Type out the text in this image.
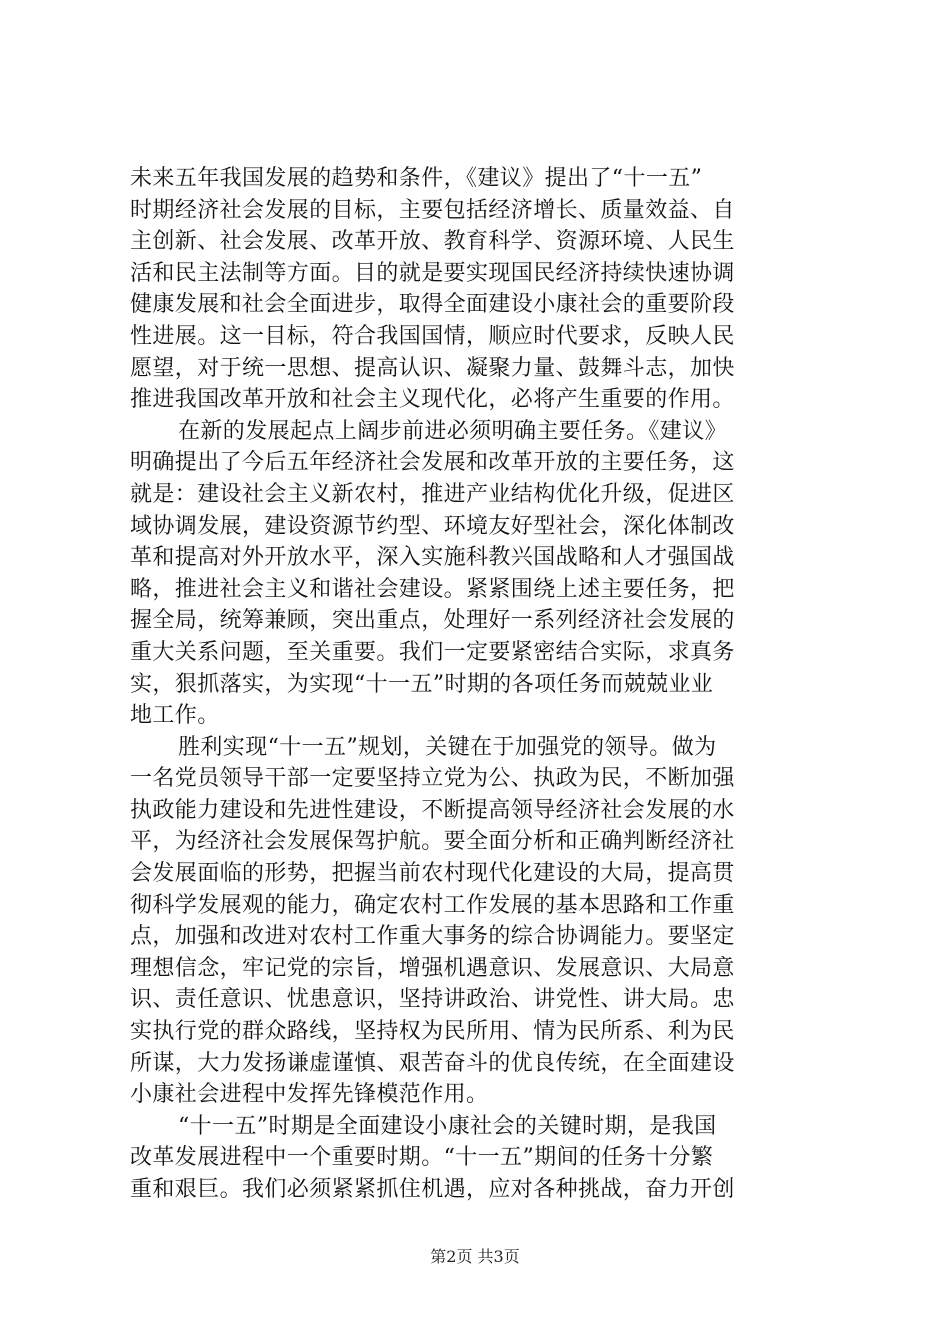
未来五年我国发展的趋势和条件，《建议》提出了“十一五”
时期经济社会发展的目标，主要包括经济增长、质量效益、自
主创新、社会发展、改革开放、教育科学、资源环境、人民生
活和民主法制等方面。目的就是要实现国民经济持续快速协调
健康发展和社会全面进步，取得全面建设小康社会的重要阶段
性进展。这一目标，符合我国国情，顺应时代要求，反映人民
愿望，对于统一思想、提高认识、凝聚力量、鼓舞斗志，加快
推进我国改革开放和社会主义现代化，必将产生重要的作用。
在新的发展起点上阔步前进必须明确主要任务。《建议》
明确提出了今后五年经济社会发展和改革开放的主要任务，这
就是：建设社会主义新农村，推进产业结构优化升级，促进区
域协调发展，建设资源节约型、环境友好型社会，深化体制改
革和提高对外开放水平，深入实施科教兴国战略和人才强国战
略，推进社会主义和谐社会建设。紧紧围绕上述主要任务，把
握全局，统筹兼顾，突出重点，处理好一系列经济社会发展的
重大关系问题，至关重要。我们一定要紧密结合实际，求真务
实，狠抓落实，为实现“十一五”时期的各项任务而兢兢业业
地工作。
胜利实现“十一五”规划，关键在于加强党的领导。做为
一名党员领导干部一定要坚持立党为公、执政为民，不断加强
执政能力建设和先进性建设，不断提高领导经济社会发展的水
平，为经济社会发展保驾护航。要全面分析和正确判断经济社
会发展面临的形势，把握当前农村现代化建设的大局，提高贯
彻科学发展观的能力，确定农村工作发展的基本思路和工作重
点，加强和改进对农村工作重大事务的综合协调能力。要坚定
理想信念，牢记党的宗旨，增强机遇意识、发展意识、大局意
识、责任意识、忧患意识，坚持讲政治、讲党性、讲大局。忠
实执行党的群众路线，坚持权为民所用、情为民所系、利为民
所谋，大力发扬谦虚谨慎、艰苦奋斗的优良传统，在全面建设
小康社会进程中发挥先锋模范作用。
“十一五”时期是全面建设小康社会的关键时期，是我国
改革发展进程中一个重要时期。“十一五”期间的任务十分繁
重和艰巨。我们必须紧紧抓住机遇，应对各种挑战，奋力开创
第2页 共3页
